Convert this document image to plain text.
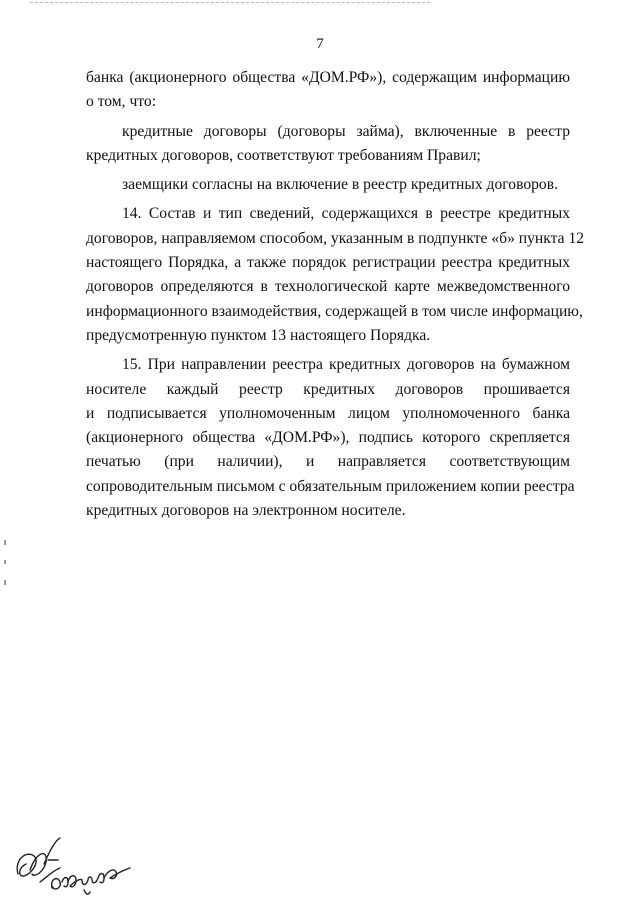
7
банка (акционерного общества «ДОМ.РФ»), содержащим информацию
о том, что:
кредитные договоры (договоры займа), включенные в реестр
кредитных договоров, соответствуют требованиям Правил;
заемщики согласны на включение в реестр кредитных договоров.
14. Состав и тип сведений, содержащихся в реестре кредитных
договоров, направляемом способом, указанным в подпункте «б» пункта 12
настоящего Порядка, а также порядок регистрации реестра кредитных
договоров определяются в технологической карте межведомственного
информационного взаимодействия, содержащей в том числе информацию,
предусмотренную пунктом 13 настоящего Порядка.
15. При направлении реестра кредитных договоров на бумажном
носителе каждый реестр кредитных договоров прошивается
и подписывается уполномоченным лицом уполномоченного банка
(акционерного общества «ДОМ.РФ»), подпись которого скрепляется
печатью (при наличии), и направляется соответствующим
сопроводительным письмом с обязательным приложением копии реестра
кредитных договоров на электронном носителе.
